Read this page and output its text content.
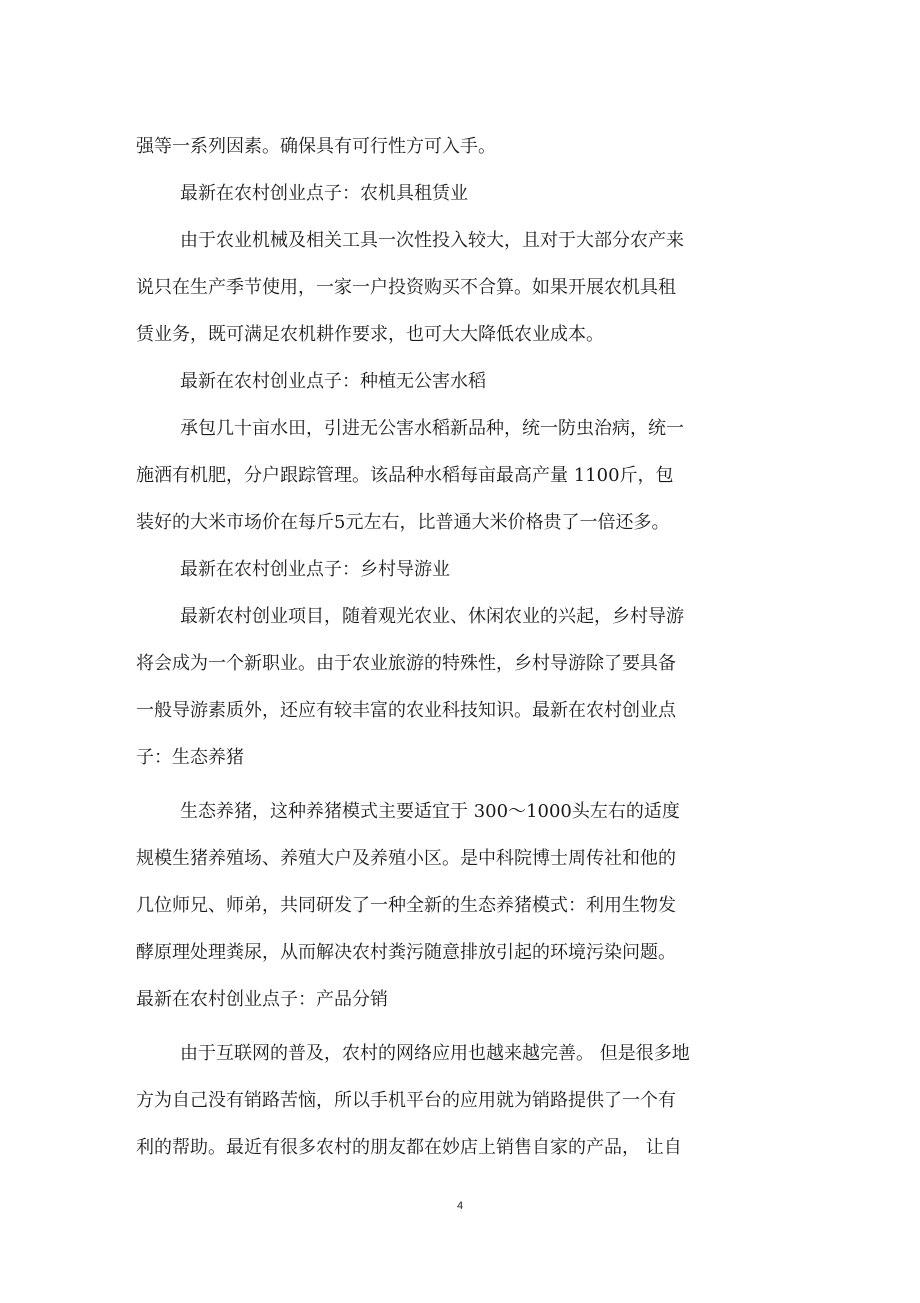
强等一系列因素。确保具有可行性方可入手。
最新在农村创业点子：农机具租赁业
由于农业机械及相关工具一次性投入较大，且对于大部分农产来
说只在生产季节使用，一家一户投资购买不合算。如果开展农机具租
赁业务，既可满足农机耕作要求，也可大大降低农业成本。
最新在农村创业点子：种植无公害水稻
承包几十亩水田，引进无公害水稻新品种，统一防虫治病，统一
施洒有机肥，分户跟踪管理。该品种水稻每亩最高产量 1100斤，包
装好的大米市场价在每斤5元左右，比普通大米价格贵了一倍还多。
最新在农村创业点子：乡村导游业
最新农村创业项目，随着观光农业、休闲农业的兴起，乡村导游
将会成为一个新职业。由于农业旅游的特殊性，乡村导游除了要具备
一般导游素质外，还应有较丰富的农业科技知识。最新在农村创业点
子：生态养猪
生态养猪，这种养猪模式主要适宜于 300～1000头左右的适度
规模生猪养殖场、养殖大户及养殖小区。是中科院博士周传社和他的
几位师兄、师弟，共同研发了一种全新的生态养猪模式：利用生物发
酵原理处理粪尿，从而解决农村粪污随意排放引起的环境污染问题。
最新在农村创业点子：产品分销
由于互联网的普及，农村的网络应用也越来越完善。 但是很多地
方为自己没有销路苦恼，所以手机平台的应用就为销路提供了一个有
利的帮助。最近有很多农村的朋友都在妙店上销售自家的产品， 让自
4
